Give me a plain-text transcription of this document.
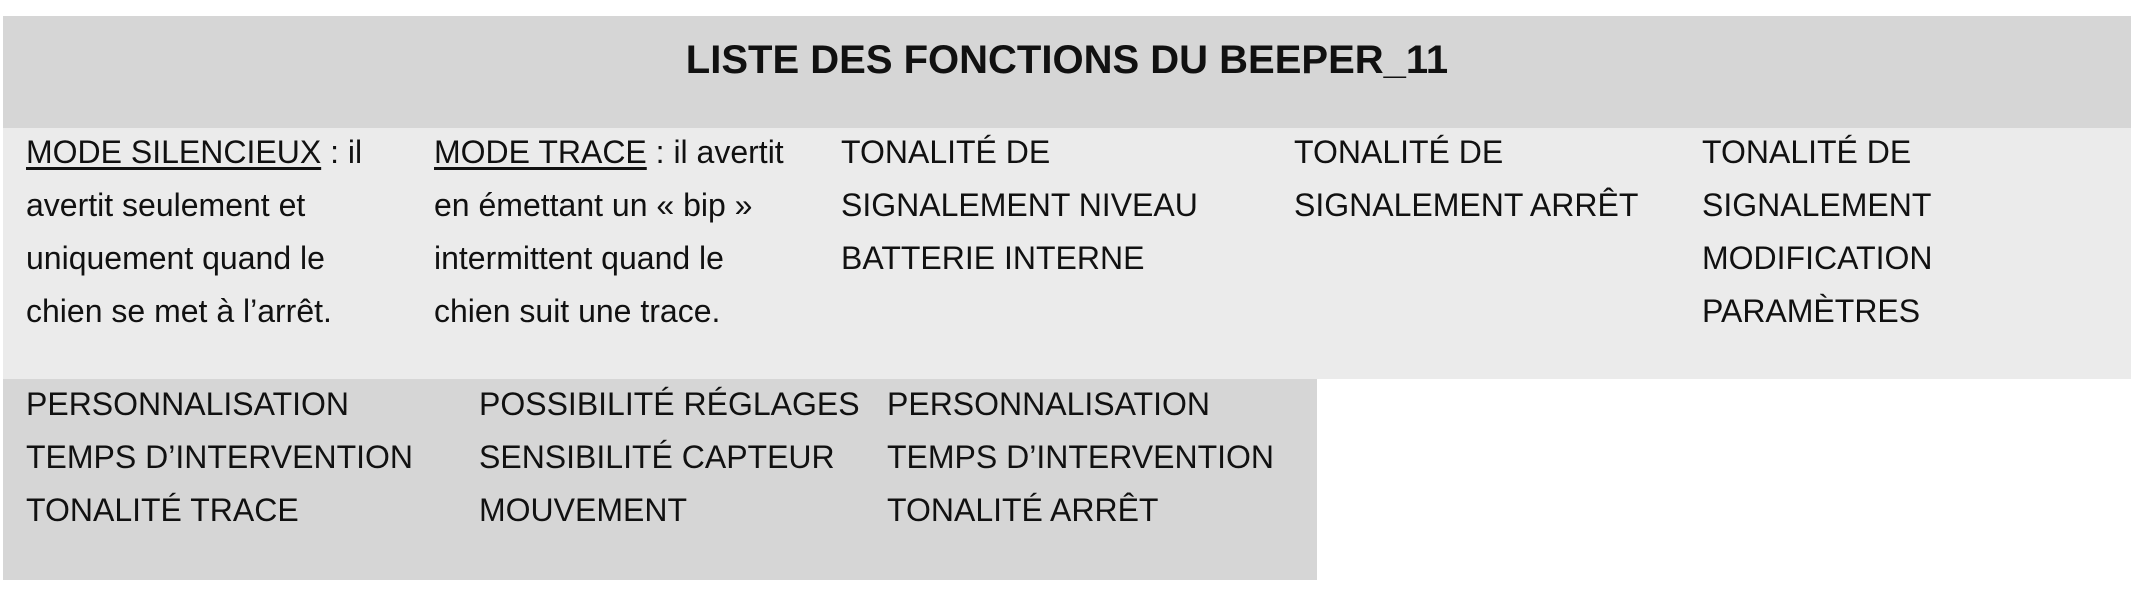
LISTE DES FONCTIONS DU BEEPER_11
MODE SILENCIEUX : il
avertit seulement et
uniquement quand le
chien se met à l’arrêt.
MODE TRACE : il avertit
en émettant un « bip »
intermittent quand le
chien suit une trace.
TONALITÉ DE
SIGNALEMENT NIVEAU
BATTERIE INTERNE
TONALITÉ DE
SIGNALEMENT ARRÊT
TONALITÉ DE
SIGNALEMENT
MODIFICATION
PARAMÈTRES
PERSONNALISATION
TEMPS D’INTERVENTION
TONALITÉ TRACE
POSSIBILITÉ RÉGLAGES
SENSIBILITÉ CAPTEUR
MOUVEMENT
PERSONNALISATION
TEMPS D’INTERVENTION
TONALITÉ ARRÊT
